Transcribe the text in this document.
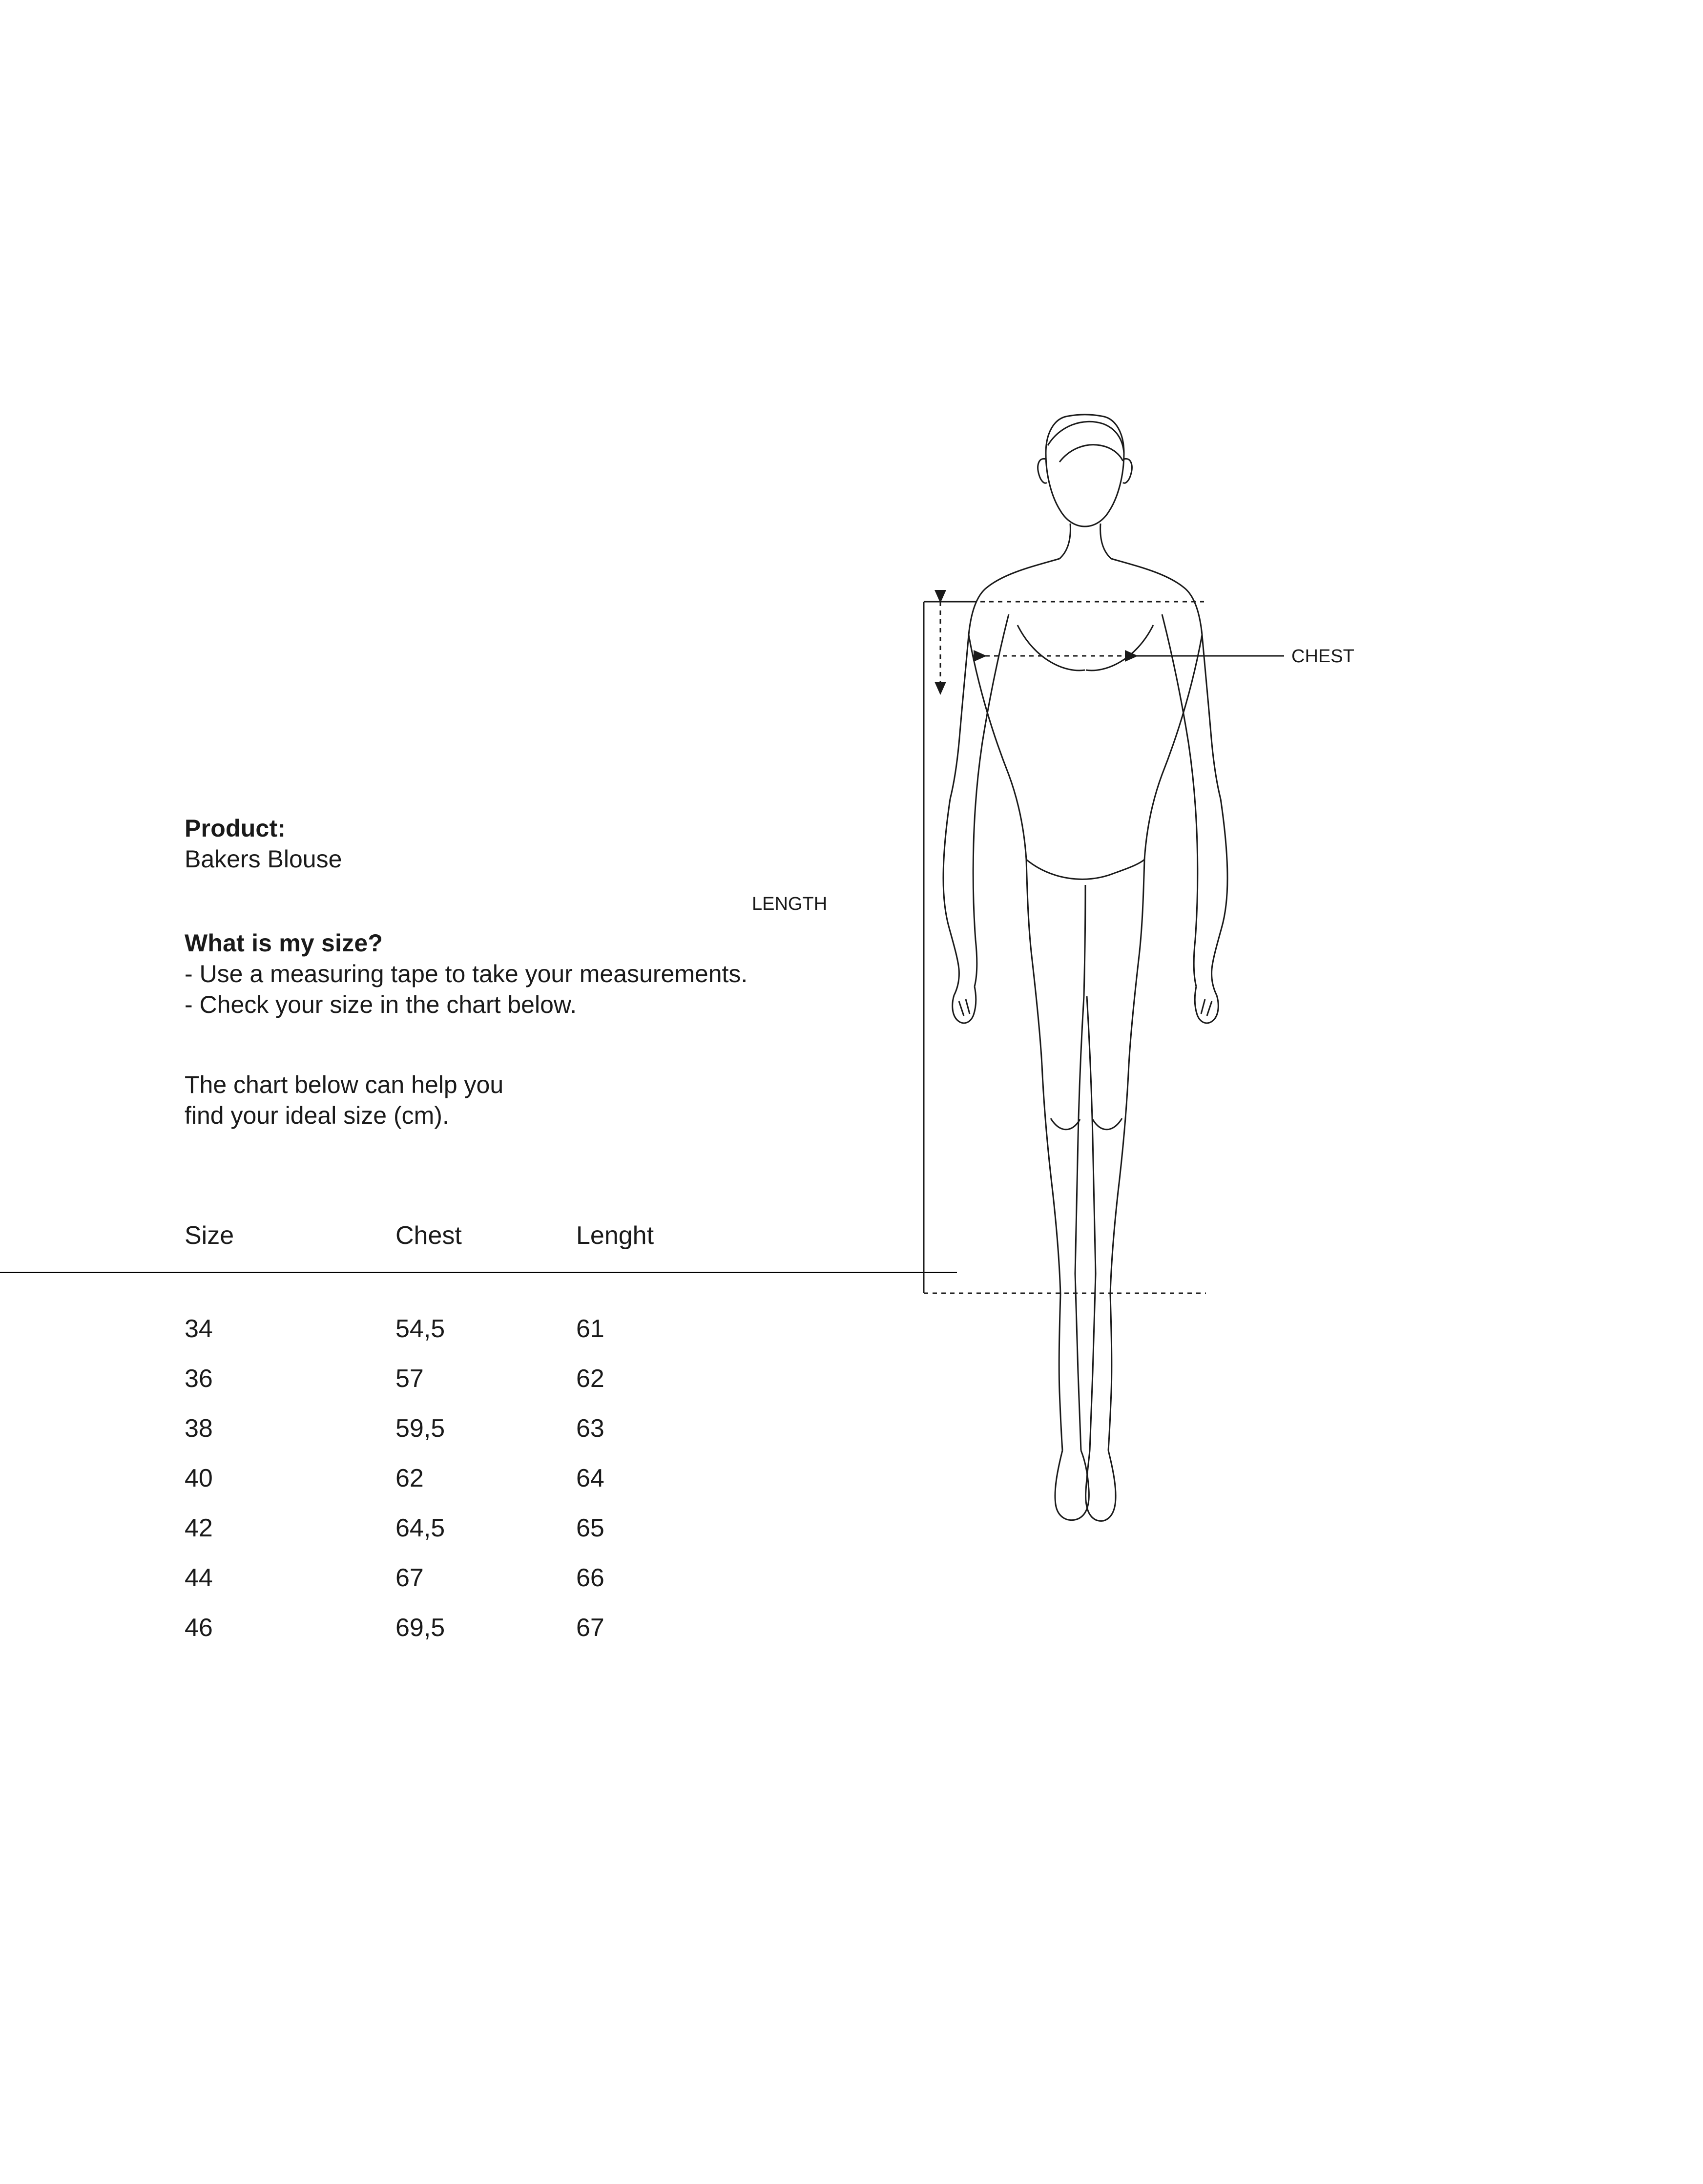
Product:
Bakers Blouse
What is my size?
- Use a measuring tape to take your measurements.
- Check your size in the chart below.
The chart below can help you
find your ideal size (cm).
	Size	Chest	Lenght
	34	54,5	61
	36	57	62
	38	59,5	63
	40	62	64
	42	64,5	65
	44	67	66
	46	69,5	67
CHEST
LENGTH
